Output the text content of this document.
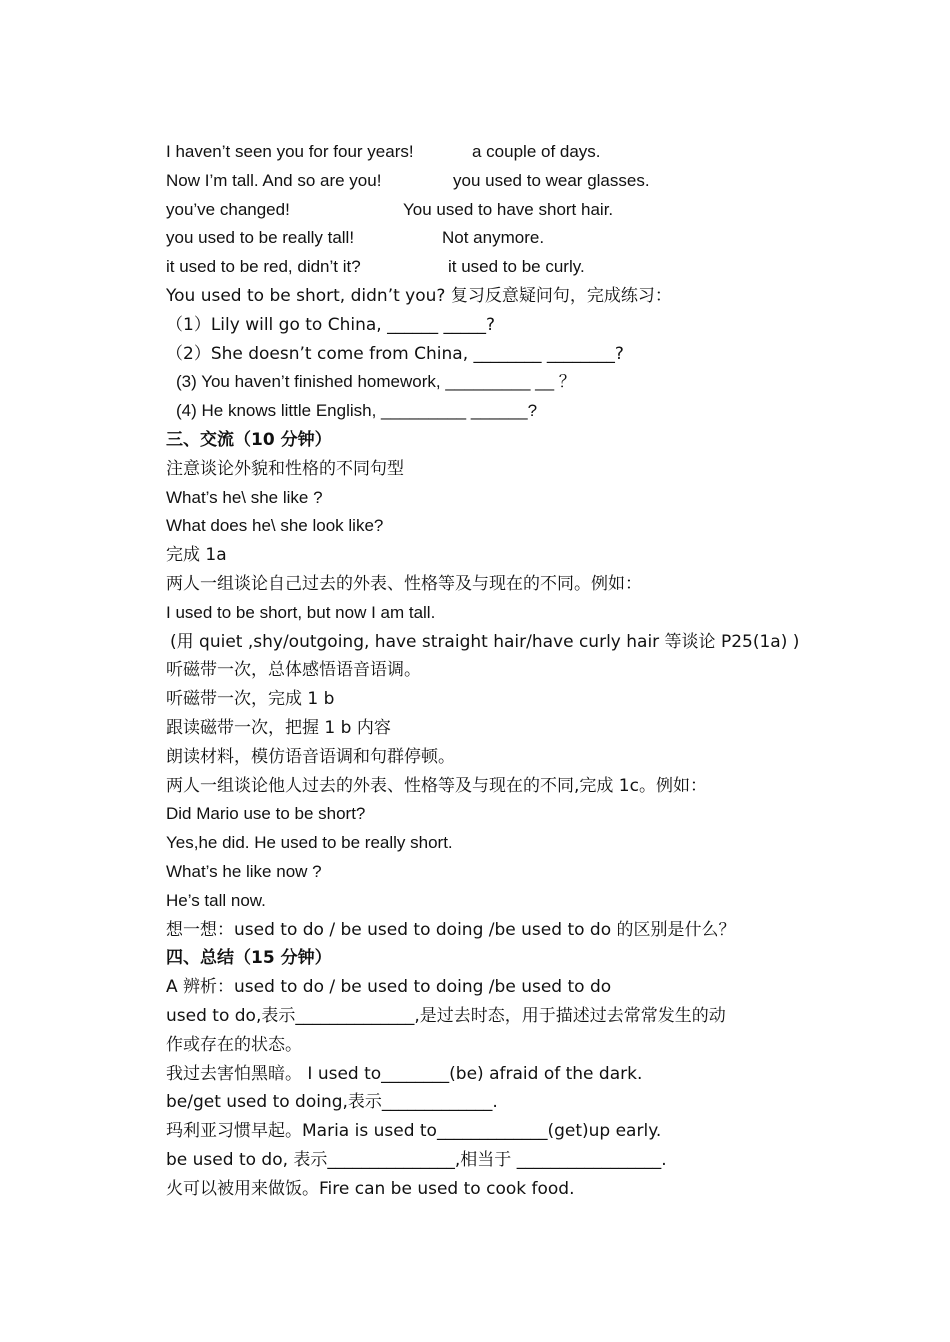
I haven’t seen you for four years!	a couple of days.
Now I’m tall. And so are you!	you used to wear glasses.
you’ve changed!	You used to have short hair.
you used to be really tall!	Not anymore.
it used to be red, didn’t it?	it used to be curly.
You used to be short, didn’t you? 复习反意疑问句，完成练习：
（1）Lily will go to China, ______ _____?
（2）She doesn’t come from China, ________ ________?
(3) You haven’t finished homework, _________ __ ？
(4) He knows little English, _________ ______?
三、交流（10 分钟）
注意谈论外貌和性格的不同句型
What’s he\ she like ?
What does he\ she look like?
完成 1a
两人一组谈论自己过去的外表、性格等及与现在的不同。例如：
I used to be short, but now I am tall.
(用 quiet ,shy/outgoing, have straight hair/have curly hair 等谈论 P25(1a) )
听磁带一次，总体感悟语音语调。
听磁带一次，完成 1 b
跟读磁带一次，把握 1 b 内容
朗读材料，模仿语音语调和句群停顿。
两人一组谈论他人过去的外表、性格等及与现在的不同,完成 1c。例如：
Did Mario use to be short?
Yes,he did. He used to be really short.
What’s he like now ?
He’s tall now.
想一想：used to do / be used to doing /be used to do 的区别是什么？
四、总结（15 分钟）
A 辨析：used to do / be used to doing /be used to do
used to do,表示______________,是过去时态，用于描述过去常常发生的动
作或存在的状态。
我过去害怕黑暗。 I used to________(be) afraid of the dark.
be/get used to doing,表示_____________.
玛利亚习惯早起。Maria is used to_____________(get)up early.
be used to do, 表示_______________,相当于 _________________.
火可以被用来做饭。Fire can be used to cook food.
